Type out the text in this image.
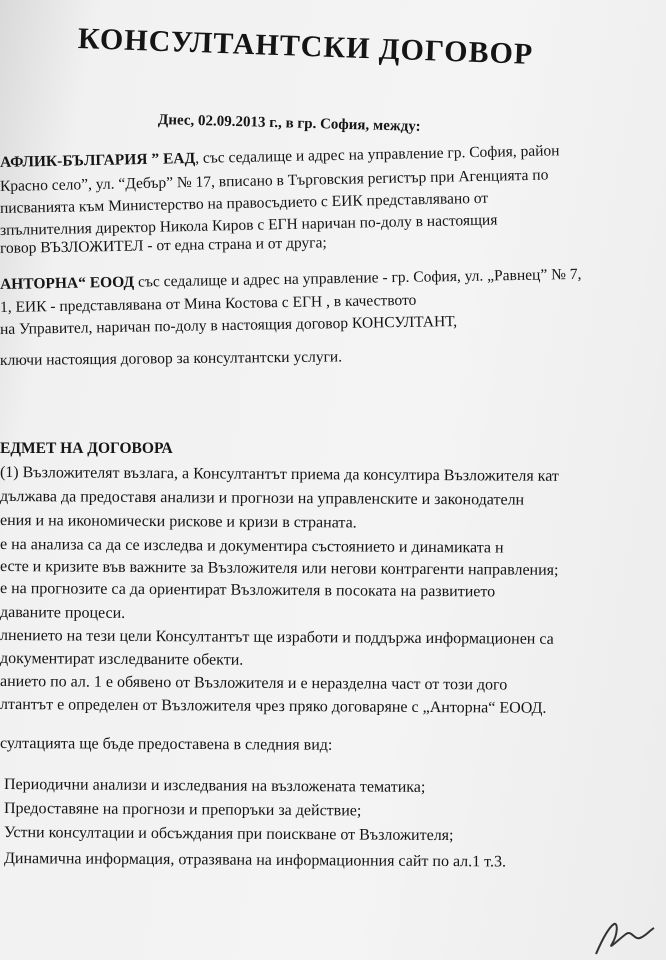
КОНСУЛТАНТСКИ ДОГОВОР
Днес, 02.09.2013 г., в гр. София, между:
АФЛИК-БЪЛГАРИЯ ” ЕАД, със седалище и адрес на управление гр. София, район
Красно село”, ул. “Дебър” № 17, вписано в Търговския регистър при Агенцията по
писванията към Министерство на правосъдието с ЕИК представлявано от
зпълнителния директор Никола Киров с ЕГН наричан по-долу в настоящия
говор ВЪЗЛОЖИТЕЛ - от една страна и от друга;
АНТОРНА“ ЕООД със седалище и адрес на управление - гр. София, ул. „Равнец” № 7,
1, ЕИК - представлявана от Мина Костова с ЕГН , в качеството
на Управител, наричан по-долу в настоящия договор КОНСУЛТАНТ,
ключи настоящия договор за консултантски услуги.
ЕДМЕТ НА ДОГОВОРА
(1) Възложителят възлага, а Консултантът приема да консултира Възложителя кат
дължава да предоставя анализи и прогнози на управленските и законодателн
ения и на икономически рискове и кризи в страната.
е на анализа са да се изследва и документира състоянието и динамиката н
есте и кризите във важните за Възложителя или негови контрагенти направления;
е на прогнозите са да ориентират Възложителя в посоката на развитието
даваните процеси.
лнението на тези цели Консултантът ще изработи и поддържа информационен са
документират изследваните обекти.
анието по ал. 1 е обявено от Възложителя и е неразделна част от този дого
лтантът е определен от Възложителя чрез пряко договаряне с „Анторна“ ЕООД.
султацията ще бъде предоставена в следния вид:
Периодични анализи и изследвания на възложената тематика;
Предоставяне на прогнози и препоръки за действие;
Устни консултации и обсъждания при поискване от Възложителя;
Динамична информация, отразявана на информационния сайт по ал.1 т.3.
